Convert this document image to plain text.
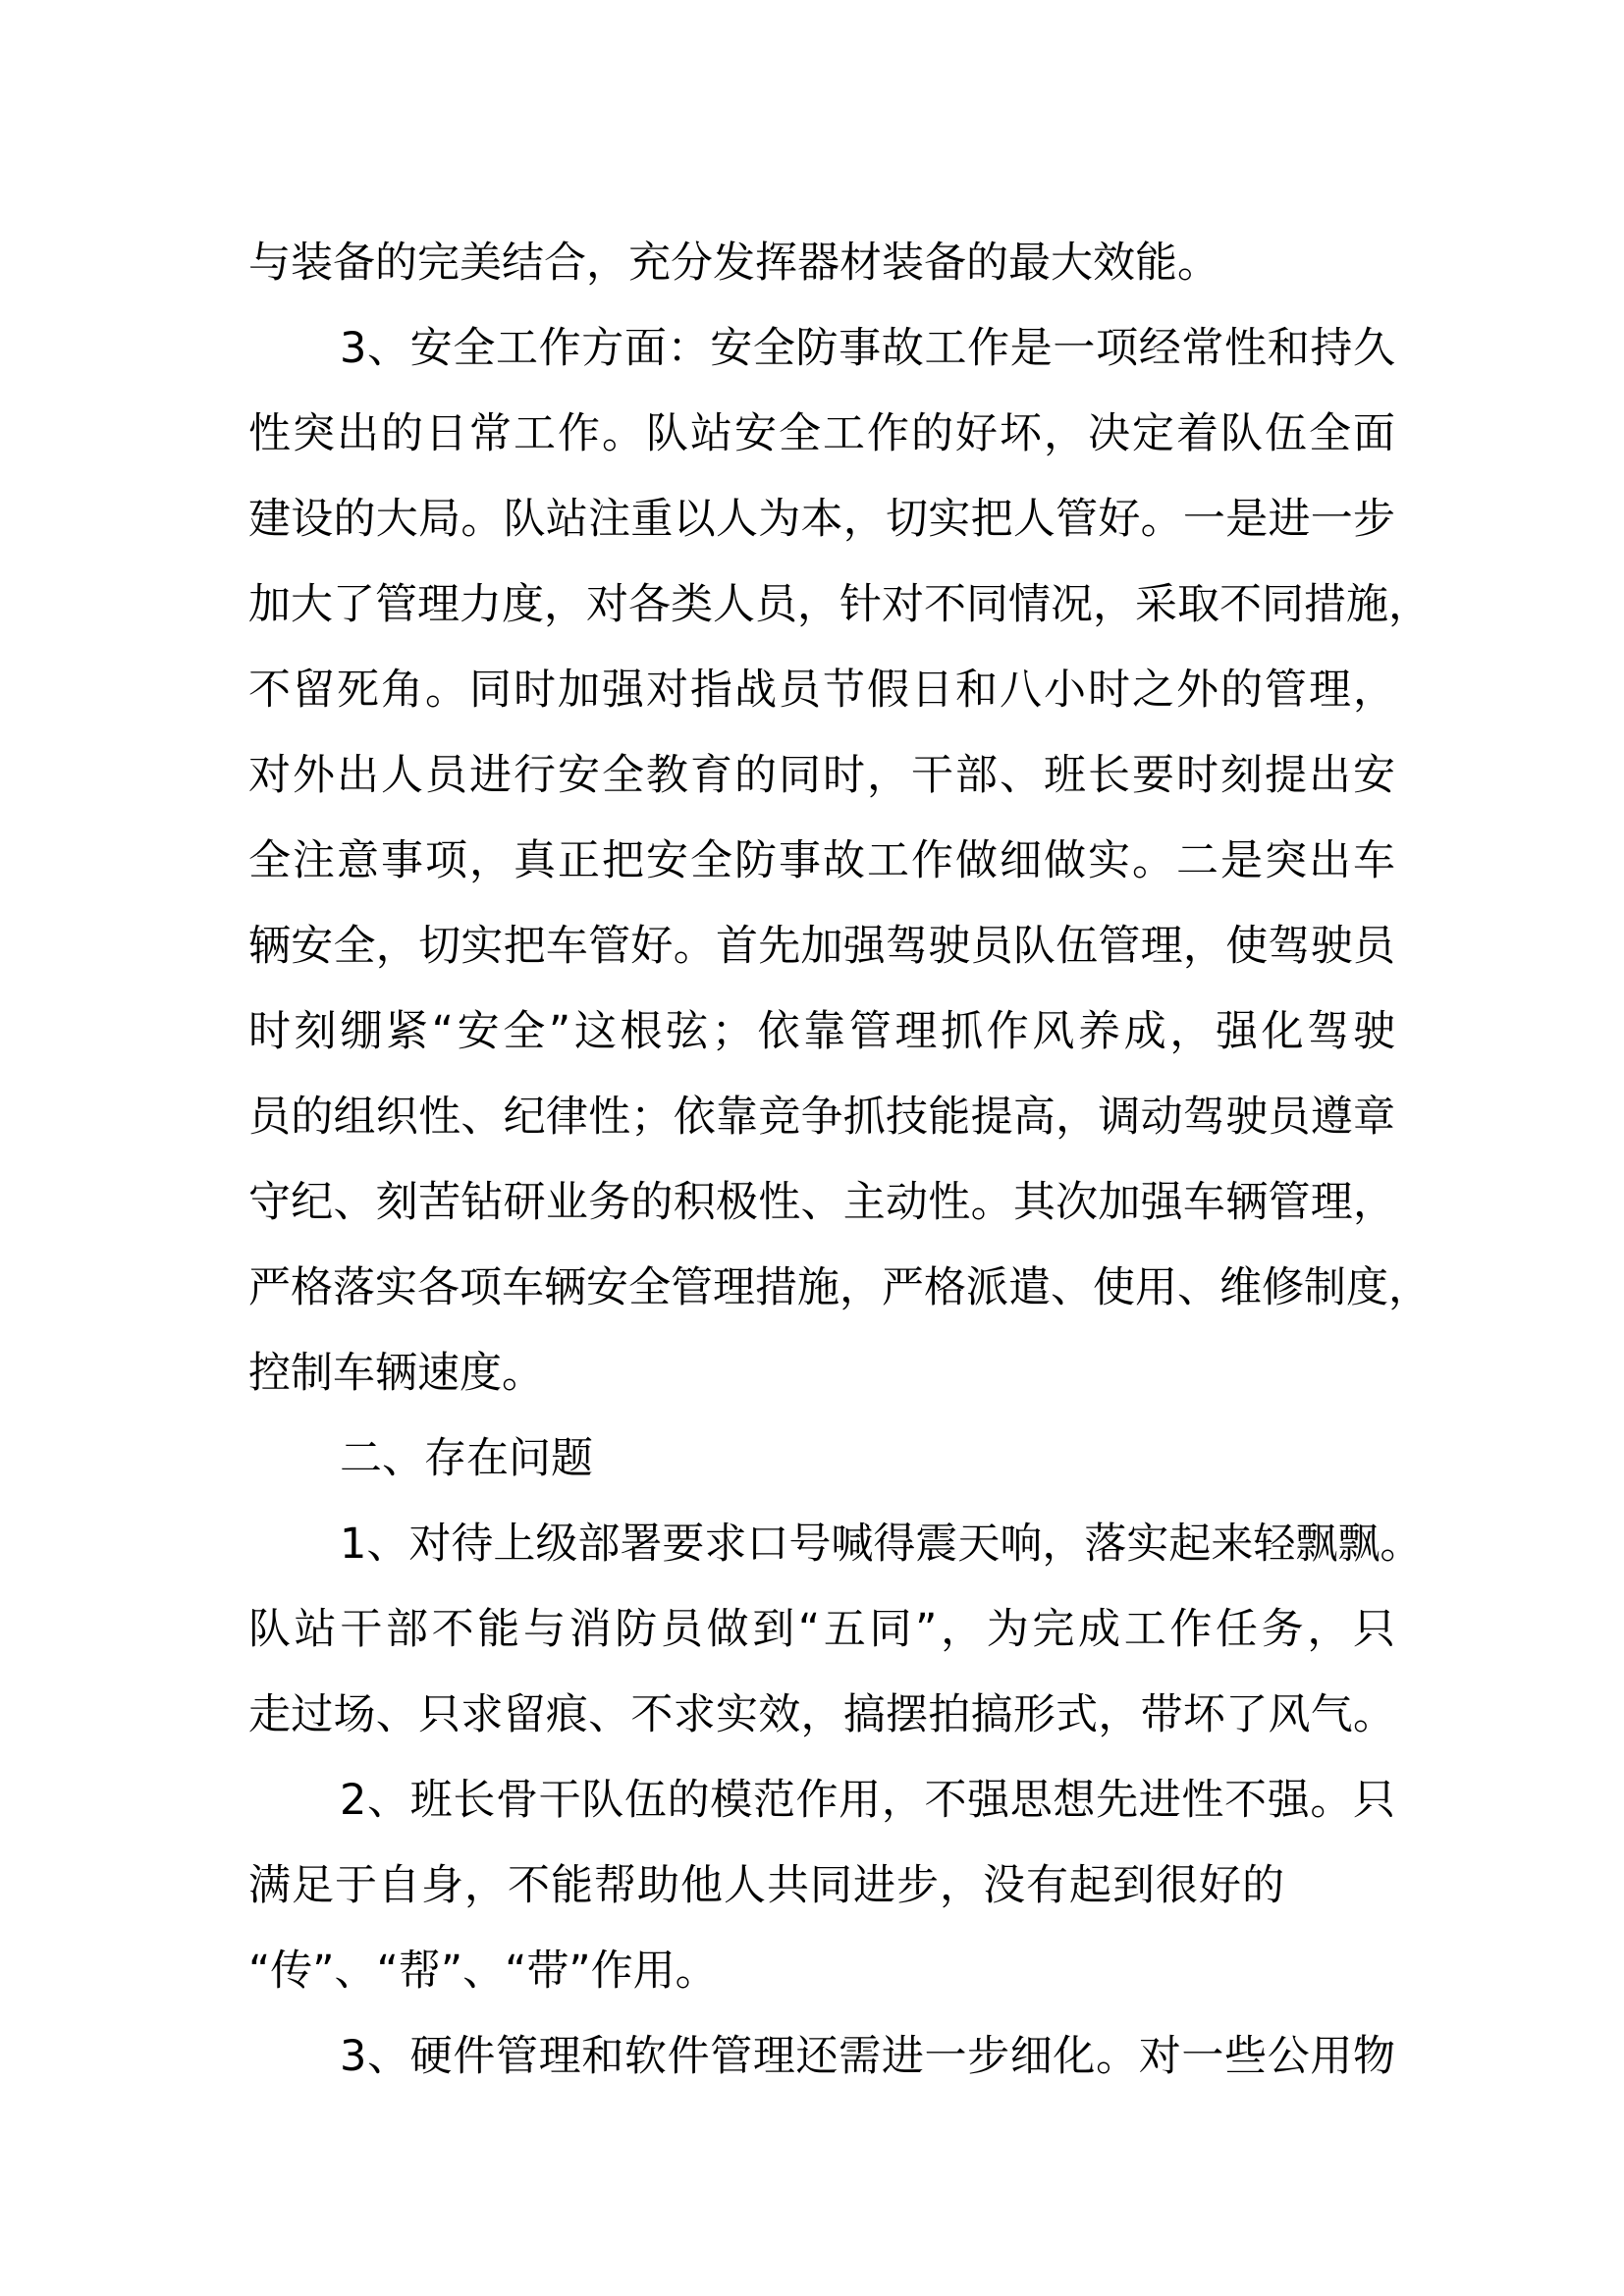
与装备的完美结合，充分发挥器材装备的最大效能。
3、安全工作方面：安全防事故工作是一项经常性和持久
性突出的日常工作。队站安全工作的好坏，决定着队伍全面
建设的大局。队站注重以人为本，切实把人管好。一是进一步
加大了管理力度，对各类人员，针对不同情况，采取不同措施，
不留死角。同时加强对指战员节假日和八小时之外的管理，
对外出人员进行安全教育的同时，干部、班长要时刻提出安
全注意事项，真正把安全防事故工作做细做实。二是突出车
辆安全，切实把车管好。首先加强驾驶员队伍管理，使驾驶员
时刻绷紧“安全”这根弦；依靠管理抓作风养成，强化驾驶
员的组织性、纪律性；依靠竞争抓技能提高，调动驾驶员遵章
守纪、刻苦钻研业务的积极性、主动性。其次加强车辆管理，
严格落实各项车辆安全管理措施，严格派遣、使用、维修制度，
控制车辆速度。
二、存在问题
1、对待上级部署要求口号喊得震天响，落实起来轻飘飘。
队站干部不能与消防员做到“五同”，为完成工作任务，只
走过场、只求留痕、不求实效，搞摆拍搞形式，带坏了风气。
2、班长骨干队伍的模范作用，不强思想先进性不强。只
满足于自身，不能帮助他人共同进步，没有起到很好的
“传”、“帮”、“带”作用。
3、硬件管理和软件管理还需进一步细化。对一些公用物
